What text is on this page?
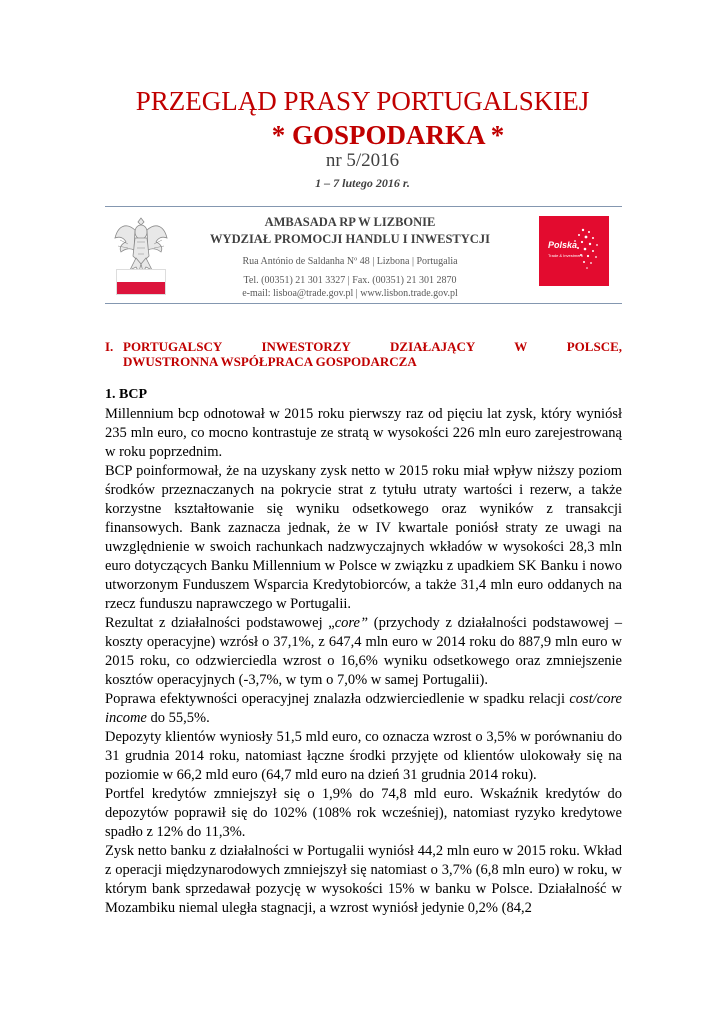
PRZEGLĄD PRASY PORTUGALSKIEJ
* GOSPODARKA *
nr 5/2016
1 – 7 lutego 2016 r.
AMBASADA RP W LIZBONIE
WYDZIAŁ PROMOCJI HANDLU I INWESTYCJI
Rua António de Saldanha Nº 48 | Lizbona | Portugalia
Tel. (00351) 21 301 3327 | Fax. (00351) 21 301 2870
e-mail: lisboa@trade.gov.pl | www.lisbon.trade.gov.pl
Polska
Trade & Investment
I. PORTUGALSCY INWESTORZY DZIAŁAJĄCY W POLSCE,
DWUSTRONNA WSPÓŁPRACA GOSPODARCZA
1. BCP

Millennium bcp odnotował w 2015 roku pierwszy raz od pięciu lat zysk, który wyniósł 235 mln euro, co mocno kontrastuje ze stratą w wysokości 226 mln euro zarejestrowaną w roku poprzednim.

BCP poinformował, że na uzyskany zysk netto w 2015 roku miał wpływ niższy poziom środków przeznaczanych na pokrycie strat z tytułu utraty wartości i rezerw, a także korzystne kształtowanie się wyniku odsetkowego oraz wyników z transakcji finansowych. Bank zaznacza jednak, że w IV kwartale poniósł straty ze uwagi na uwzględnienie w swoich rachunkach nadzwyczajnych wkładów w wysokości 28,3 mln euro dotyczących Banku Millennium w Polsce w związku z upadkiem SK Banku i nowo utworzonym Funduszem Wsparcia Kredytobiorców, a także 31,4 mln euro oddanych na rzecz funduszu naprawczego w Portugalii.

Rezultat z działalności podstawowej „core” (przychody z działalności podstawowej – koszty operacyjne) wzrósł o 37,1%, z 647,4 mln euro w 2014 roku do 887,9 mln euro w 2015 roku, co odzwierciedla wzrost o 16,6% wyniku odsetkowego oraz zmniejszenie kosztów operacyjnych (-3,7%, w tym o 7,0% w samej Portugalii).

Poprawa efektywności operacyjnej znalazła odzwierciedlenie w spadku relacji cost/core income do 55,5%.

Depozyty klientów wyniosły 51,5 mld euro, co oznacza wzrost o 3,5% w porównaniu do 31 grudnia 2014 roku, natomiast łączne środki przyjęte od klientów ulokowały się na poziomie w 66,2 mld euro (64,7 mld euro na dzień 31 grudnia 2014 roku).

Portfel kredytów zmniejszył się o 1,9% do 74,8 mld euro. Wskaźnik kredytów do depozytów poprawił się do 102% (108% rok wcześniej), natomiast ryzyko kredytowe spadło z 12% do 11,3%.

Zysk netto banku z działalności w Portugalii wyniósł 44,2 mln euro w 2015 roku. Wkład z operacji międzynarodowych zmniejszył się natomiast o 3,7% (6,8 mln euro) w roku, w którym bank sprzedawał pozycję w wysokości 15% w banku w Polsce. Działalność w Mozambiku niemal uległa stagnacji, a wzrost wyniósł jedynie 0,2% (84,2
